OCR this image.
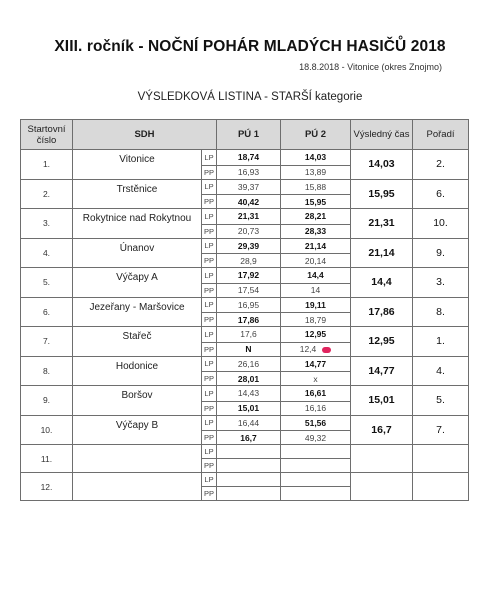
XIII. ročník - NOČNÍ POHÁR MLADÝCH HASIČŮ 2018
18.8.2018 - Vitonice (okres Znojmo)
VÝSLEDKOVÁ LISTINA - STARŠÍ kategorie
Startovní číslo	SDH		PÚ 1	PÚ 2	Výsledný čas	Pořadí
1.	Vitonice	LP	18,74	14,03	14,03	2.
		PP	16,93	13,89		
2.	Trstěnice	LP	39,37	15,88	15,95	6.
		PP	40,42	15,95		
3.	Rokytnice nad Rokytnou	LP	21,31	28,21	21,31	10.
		PP	20,73	28,33		
4.	Únanov	LP	29,39	21,14	21,14	9.
		PP	28,9	20,14		
5.	Výčapy A	LP	17,92	14,4	14,4	3.
		PP	17,54	14		
6.	Jezeřany - Maršovice	LP	16,95	19,11	17,86	8.
		PP	17,86	18,79		
7.	Stařeč	LP	17,6	12,95	12,95	1.
		PP	N	12,4		
8.	Hodonice	LP	26,16	14,77	14,77	4.
		PP	28,01	x		
9.	Boršov	LP	14,43	16,61	15,01	5.
		PP	15,01	16,16		
10.	Výčapy B	LP	16,44	51,56	16,7	7.
		PP	16,7	49,32		
11.		LP				
		PP				
12.		LP				
		PP				
